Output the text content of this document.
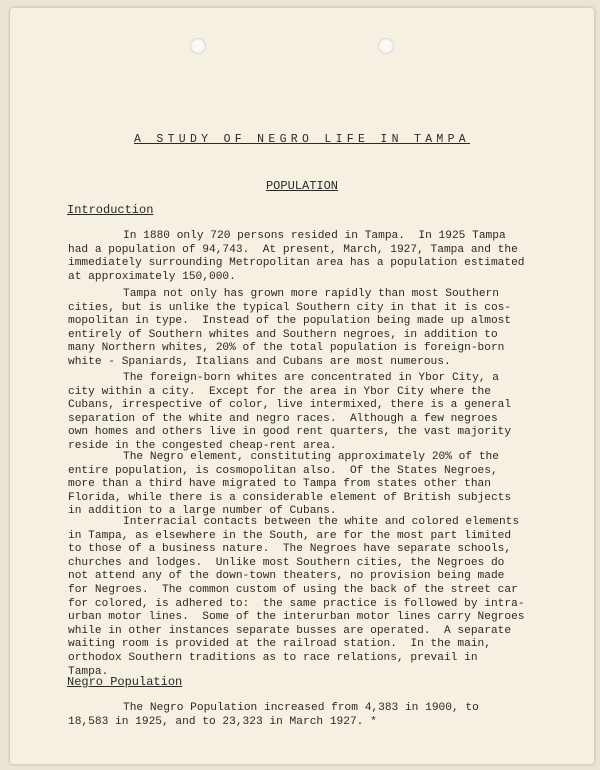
A STUDY OF NEGRO LIFE IN TAMPA
POPULATION
Introduction

In 1880 only 720 persons resided in Tampa.  In 1925 Tampa
had a population of 94,743.  At present, March, 1927, Tampa and the
immediately surrounding Metropolitan area has a population estimated
at approximately 150,000.

Tampa not only has grown more rapidly than most Southern
cities, but is unlike the typical Southern city in that it is cos-
mopolitan in type.  Instead of the population being made up almost
entirely of Southern whites and Southern negroes, in addition to
many Northern whites, 20% of the total population is foreign-born
white - Spaniards, Italians and Cubans are most numerous.

The foreign-born whites are concentrated in Ybor City, a
city within a city.  Except for the area in Ybor City where the
Cubans, irrespective of color, live intermixed, there is a general
separation of the white and negro races.  Although a few negroes
own homes and others live in good rent quarters, the vast majority
reside in the congested cheap-rent area.

The Negro element, constituting approximately 20% of the
entire population, is cosmopolitan also.  Of the States Negroes,
more than a third have migrated to Tampa from states other than
Florida, while there is a considerable element of British subjects
in addition to a large number of Cubans.

Interracial contacts between the white and colored elements
in Tampa, as elsewhere in the South, are for the most part limited
to those of a business nature.  The Negroes have separate schools,
churches and lodges.  Unlike most Southern cities, the Negroes do
not attend any of the down-town theaters, no provision being made
for Negroes.  The common custom of using the back of the street car
for colored, is adhered to:  the same practice is followed by intra-
urban motor lines.  Some of the interurban motor lines carry Negroes
while in other instances separate busses are operated.  A separate
waiting room is provided at the railroad station.  In the main,
orthodox Southern traditions as to race relations, prevail in
Tampa.

Negro Population

The Negro Population increased from 4,383 in 1900, to
18,583 in 1925, and to 23,323 in March 1927. *
